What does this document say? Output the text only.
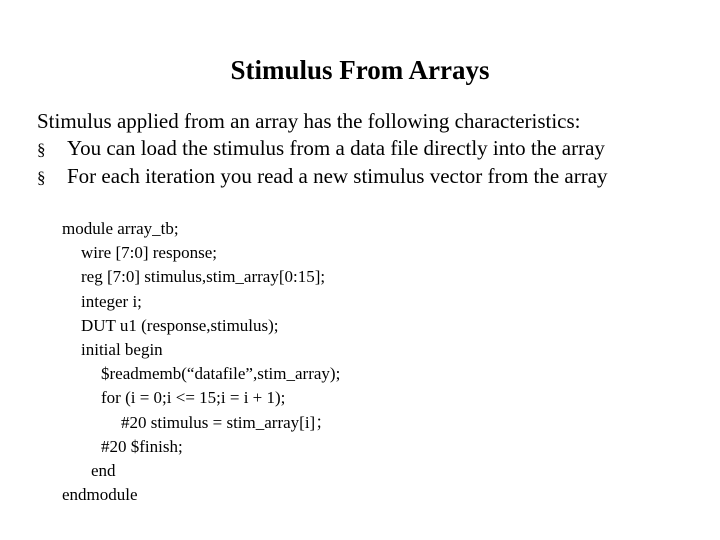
Stimulus From Arrays
Stimulus applied from an array has the following characteristics:
§	You can load the stimulus from a data file directly into the array
§	For each iteration you read a new stimulus vector from the array
module array_tb;
wire [7:0] response;
reg [7:0] stimulus,stim_array[0:15];
integer i;
DUT u1 (response,stimulus);
initial begin
$readmemb(“datafile”,stim_array);
for (i = 0;i <= 15;i = i + 1);
#20 stimulus = stim_array[i]；
#20 $finish;
end
endmodule
